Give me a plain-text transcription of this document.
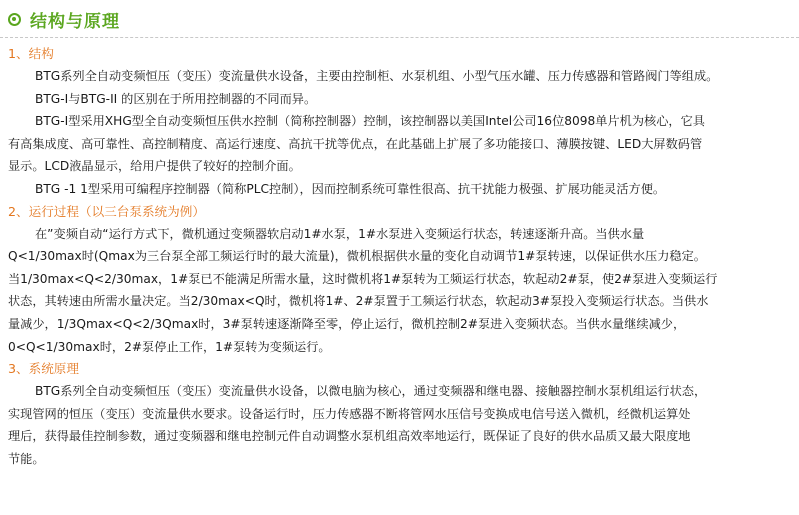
结构与原理
1、结构
BTG系列全自动变频恒压（变压）变流量供水设备，主要由控制柜、水泵机组、小型气压水罐、压力传感器和管路阀门等组成。
BTG-I与BTG-II 的区别在于所用控制器的不同而异。
BTG-I型采用XHG型全自动变频恒压供水控制（简称控制器）控制，该控制器以美国Intel公司16位8098单片机为核心，它具
有高集成度、高可靠性、高控制精度、高运行速度、高抗干扰等优点，在此基础上扩展了多功能接口、薄膜按键、LED大屏数码管
显示。LCD液晶显示，给用户提供了较好的控制介面。
BTG -1 1型采用可编程序控制器（简称PLC控制），因而控制系统可靠性很高、抗干扰能力极强、扩展功能灵活方便。
2、运行过程（以三台泵系统为例）
在”变频自动“运行方式下，微机通过变频器软启动1#水泵，1#水泵进入变频运行状态，转速逐渐升高。当供水量
Q<1/30max时(Qmax为三台泵全部工频运行时的最大流量)，微机根据供水量的变化自动调节1#泵转速，以保证供水压力稳定。
当1/30max<Q<2/30max，1#泵已不能满足所需水量，这时微机将1#泵转为工频运行状态，软起动2#泵，使2#泵进入变频运行
状态，其转速由所需水量决定。当2/30max<Q时，微机将1#、2#泵置于工频运行状态，软起动3#泵投入变频运行状态。当供水
量减少，1/3Qmax<Q<2/3Qmax时，3#泵转速逐渐降至零，停止运行，微机控制2#泵进入变频状态。当供水量继续减少，
0<Q<1/30max时，2#泵停止工作，1#泵转为变频运行。
3、系统原理
BTG系列全自动变频恒压（变压）变流量供水设备，以微电脑为核心，通过变频器和继电器、接触器控制水泵机组运行状态，
实现管网的恒压（变压）变流量供水要求。设备运行时，压力传感器不断将管网水压信号变换成电信号送入微机，经微机运算处
理后，获得最佳控制参数，通过变频器和继电控制元件自动调整水泵机组高效率地运行，既保证了良好的供水品质又最大限度地
节能。
